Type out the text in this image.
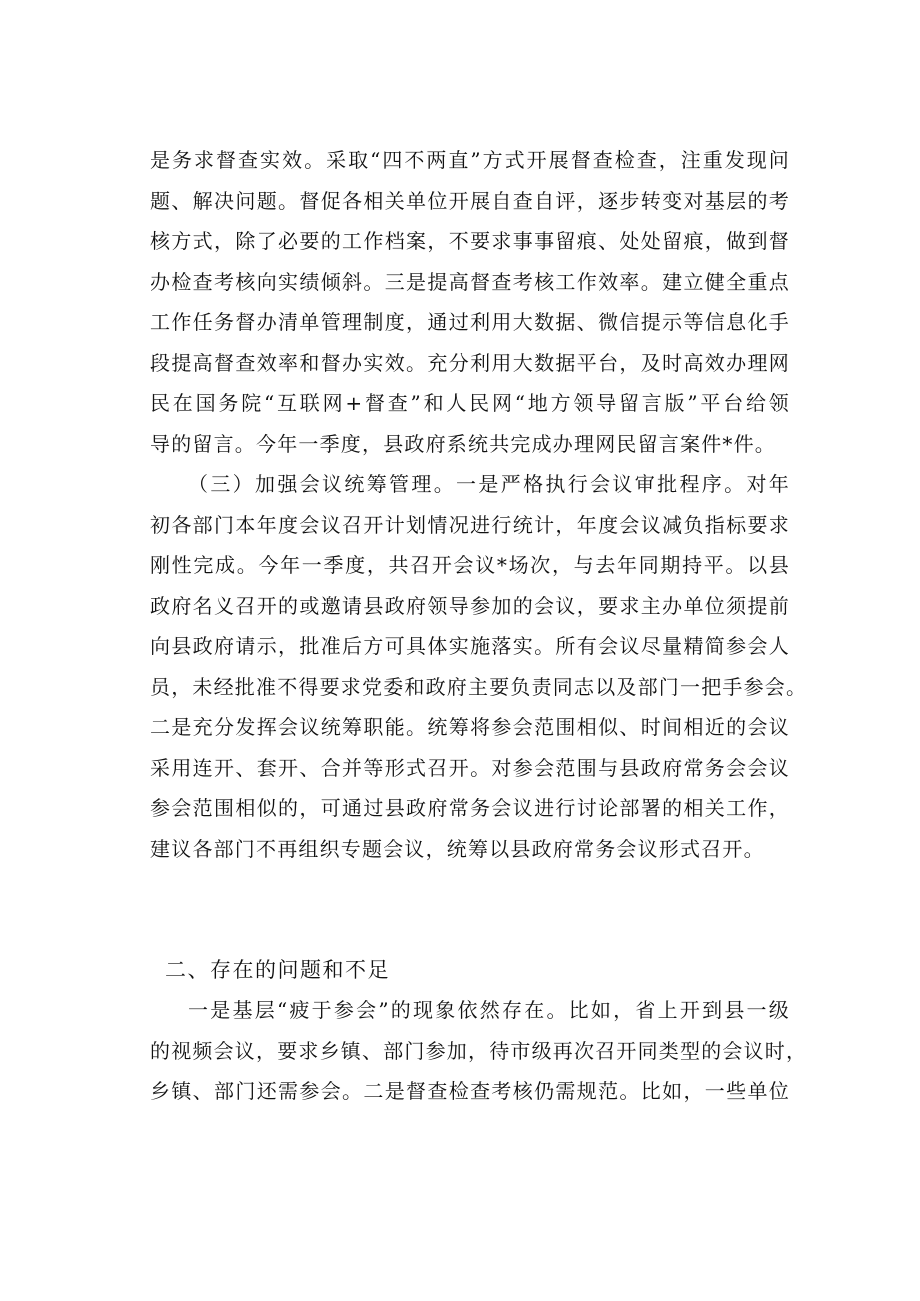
是务求督查实效。采取“四不两直”方式开展督查检查，注重发现问
题、解决问题。督促各相关单位开展自查自评，逐步转变对基层的考
核方式，除了必要的工作档案，不要求事事留痕、处处留痕，做到督
办检查考核向实绩倾斜。三是提高督查考核工作效率。建立健全重点
工作任务督办清单管理制度，通过利用大数据、微信提示等信息化手
段提高督查效率和督办实效。充分利用大数据平台，及时高效办理网
民在国务院“互联网+督查”和人民网“地方领导留言版”平台给领
导的留言。今年一季度，县政府系统共完成办理网民留言案件*件。
（三）加强会议统筹管理。一是严格执行会议审批程序。对年
初各部门本年度会议召开计划情况进行统计，年度会议减负指标要求
刚性完成。今年一季度，共召开会议*场次，与去年同期持平。以县
政府名义召开的或邀请县政府领导参加的会议，要求主办单位须提前
向县政府请示，批准后方可具体实施落实。所有会议尽量精简参会人
员，未经批准不得要求党委和政府主要负责同志以及部门一把手参会。
二是充分发挥会议统筹职能。统筹将参会范围相似、时间相近的会议
采用连开、套开、合并等形式召开。对参会范围与县政府常务会会议
参会范围相似的，可通过县政府常务会议进行讨论部署的相关工作，
建议各部门不再组织专题会议，统筹以县政府常务会议形式召开。
二、存在的问题和不足
一是基层“疲于参会”的现象依然存在。比如，省上开到县一级
的视频会议，要求乡镇、部门参加，待市级再次召开同类型的会议时，
乡镇、部门还需参会。二是督查检查考核仍需规范。比如，一些单位
